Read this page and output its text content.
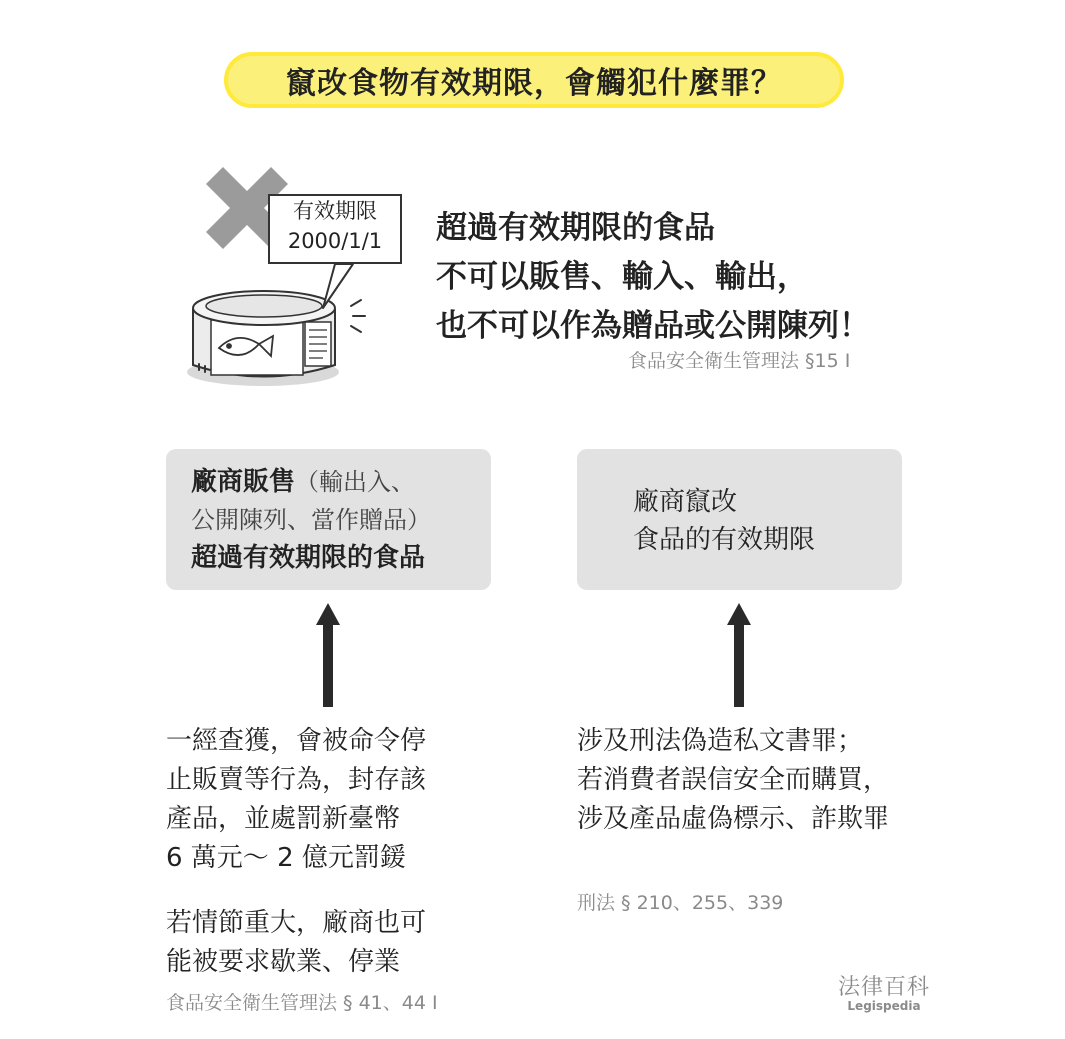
竄改食物有效期限，會觸犯什麼罪？
有效期限
2000/1/1	超過有效期限的食品
不可以販售、輸入、輸出，
也不可以作為贈品或公開陳列！
食品安全衛生管理法 §15 I
廠商販售（輸出入、
公開陳列、當作贈品）
超過有效期限的食品
廠商竄改
食品的有效期限
一經查獲，會被命令停
止販賣等行為，封存該
產品，並處罰新臺幣
6 萬元～ 2 億元罰鍰
若情節重大，廠商也可
能被要求歇業、停業
食品安全衛生管理法 § 41、44 I
涉及刑法偽造私文書罪；
若消費者誤信安全而購買，
涉及產品虛偽標示、詐欺罪
刑法 § 210、255、339
法律百科
Legispedia
